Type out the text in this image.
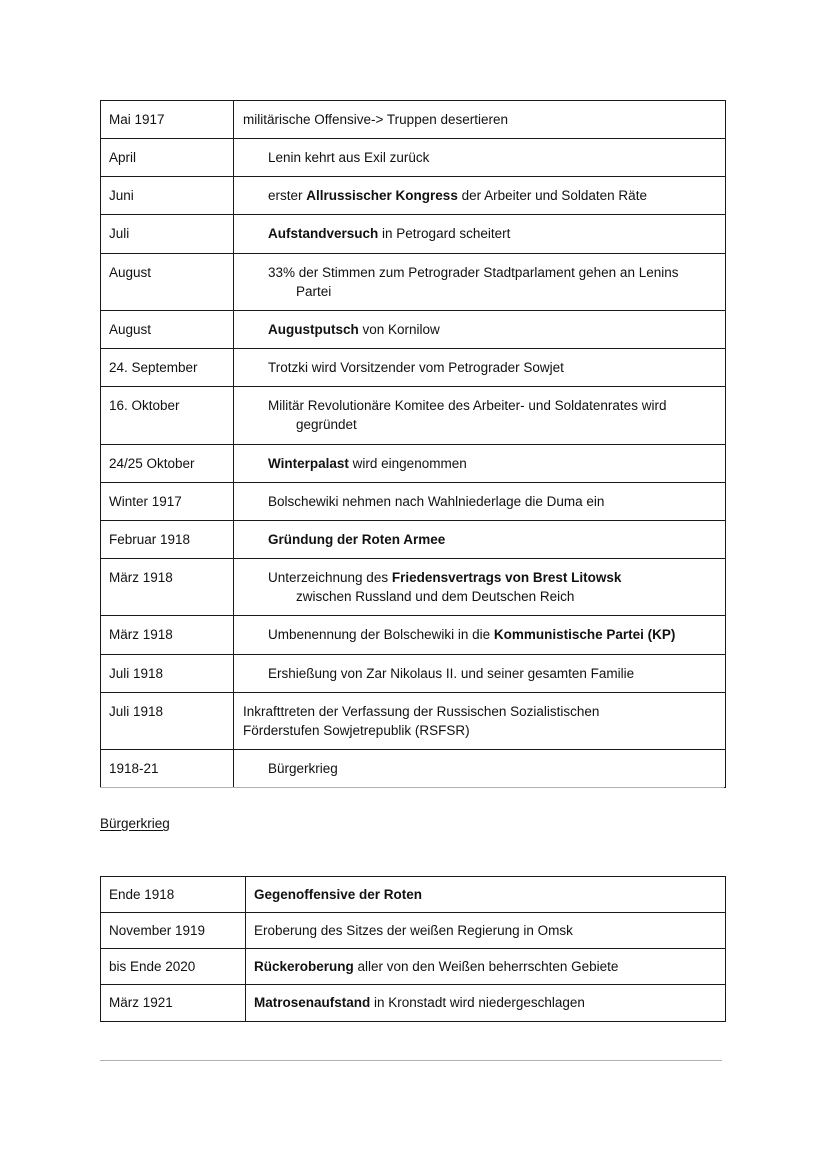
Mai 1917	militärische Offensive-> Truppen desertieren

April	Lenin kehrt aus Exil zurück

Juni	erster Allrussischer Kongress der Arbeiter und Soldaten Räte

Juli	Aufstandversuch in Petrogard scheitert

August	33% der Stimmen zum Petrograder Stadtparlament gehen an Lenins
Partei

August	Augustputsch von Kornilow

24. September	Trotzki wird Vorsitzender vom Petrograder Sowjet

16. Oktober	Militär Revolutionäre Komitee des Arbeiter- und Soldatenrates wird
gegründet

24/25 Oktober	Winterpalast wird eingenommen

Winter 1917	Bolschewiki nehmen nach Wahlniederlage die Duma ein

Februar 1918	Gründung der Roten Armee

März 1918	Unterzeichnung des Friedensvertrags von Brest Litowsk
zwischen Russland und dem Deutschen Reich

März 1918	Umbenennung der Bolschewiki in die Kommunistische Partei (KP)

Juli 1918	Ershießung von Zar Nikolaus II. und seiner gesamten Familie

Juli 1918	Inkrafttreten der Verfassung der Russischen Sozialistischen
Förderstufen Sowjetrepublik (RSFSR)

1918-21	Bürgerkrieg
Bürgerkrieg
Ende 1918	Gegenoffensive der Roten

November 1919	Eroberung des Sitzes der weißen Regierung in Omsk

bis Ende 2020	Rückeroberung aller von den Weißen beherrschten Gebiete

März 1921	Matrosenaufstand in Kronstadt wird niedergeschlagen
